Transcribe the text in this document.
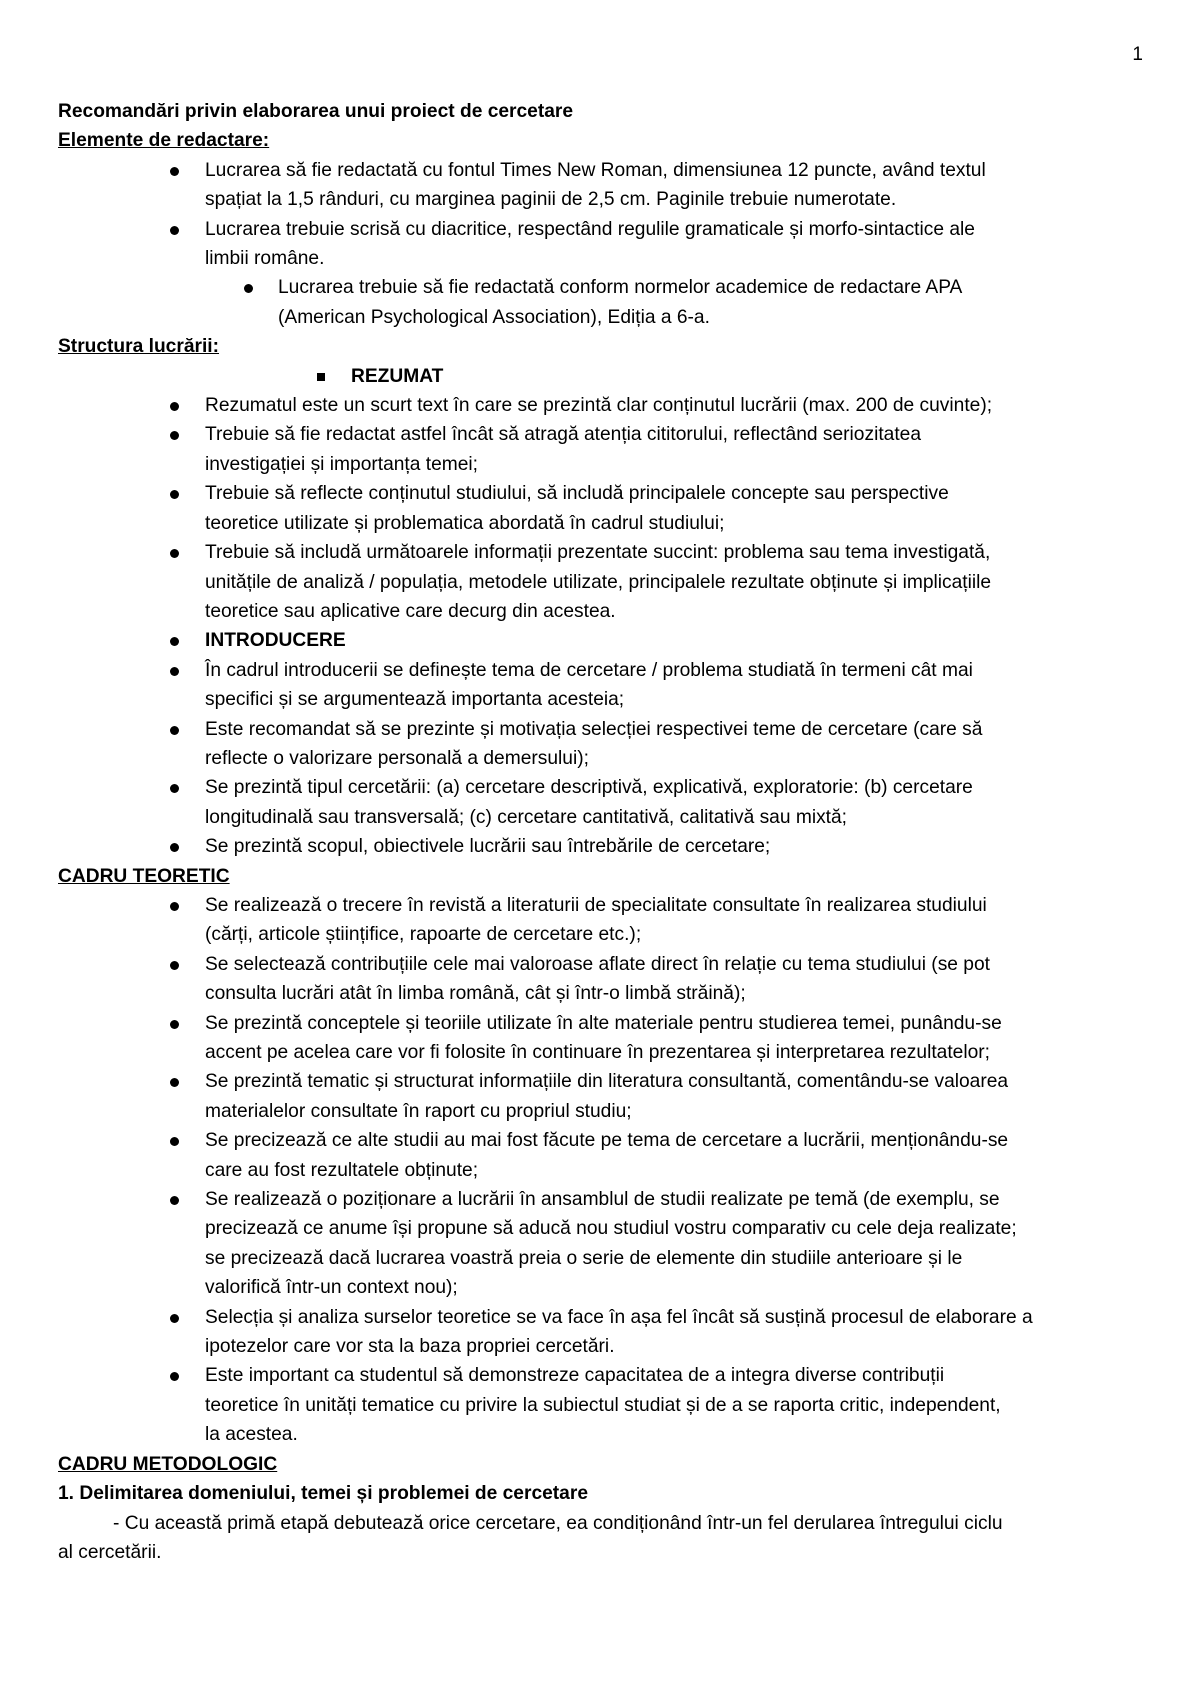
1

Recomandări privin elaborarea unui proiect de cercetare

Elemente de redactare:

Lucrarea să fie redactată cu fontul Times New Roman, dimensiunea 12 puncte, având textul

spațiat la 1,5 rânduri, cu marginea paginii de 2,5 cm. Paginile trebuie numerotate.

Lucrarea trebuie scrisă cu diacritice, respectând regulile gramaticale și morfo-sintactice ale

limbii române.

Lucrarea trebuie să fie redactată conform normelor academice de redactare APA

(American Psychological Association), Ediția a 6-a.

Structura lucrării:

REZUMAT

Rezumatul este un scurt text în care se prezintă clar conținutul lucrării (max. 200 de cuvinte);

Trebuie să fie redactat astfel încât să atragă atenția cititorului, reflectând seriozitatea

investigației și importanța temei;

Trebuie să reflecte conținutul studiului, să includă principalele concepte sau perspective

teoretice utilizate și problematica abordată în cadrul studiului;

Trebuie să includă următoarele informații prezentate succint: problema sau tema investigată,

unitățile de analiză / populația, metodele utilizate, principalele rezultate obținute și implicațiile

teoretice sau aplicative care decurg din acestea.

INTRODUCERE

În cadrul introducerii se definește tema de cercetare / problema studiată în termeni cât mai

specifici și se argumentează importanta acesteia;

Este recomandat să se prezinte și motivația selecției respectivei teme de cercetare (care să

reflecte o valorizare personală a demersului);

Se prezintă tipul cercetării: (a) cercetare descriptivă, explicativă, exploratorie: (b) cercetare

longitudinală sau transversală; (c) cercetare cantitativă, calitativă sau mixtă;

Se prezintă scopul, obiectivele lucrării sau întrebările de cercetare;

CADRU TEORETIC

Se realizează o trecere în revistă a literaturii de specialitate consultate în realizarea studiului

(cărți, articole științifice, rapoarte de cercetare etc.);

Se selectează contribuțiile cele mai valoroase aflate direct în relație cu tema studiului (se pot

consulta lucrări atât în limba română, cât și într-o limbă străină);

Se prezintă conceptele și teoriile utilizate în alte materiale pentru studierea temei, punându-se

accent pe acelea care vor fi folosite în continuare în prezentarea și interpretarea rezultatelor;

Se prezintă tematic și structurat informațiile din literatura consultantă, comentându-se valoarea

materialelor consultate în raport cu propriul studiu;

Se precizează ce alte studii au mai fost făcute pe tema de cercetare a lucrării, menționându-se

care au fost rezultatele obținute;

Se realizează o poziționare a lucrării în ansamblul de studii realizate pe temă (de exemplu, se

precizează ce anume își propune să aducă nou studiul vostru comparativ cu cele deja realizate;

se precizează dacă lucrarea voastră preia o serie de elemente din studiile anterioare și le

valorifică într-un context nou);

Selecția și analiza surselor teoretice se va face în așa fel încât să susțină procesul de elaborare a

ipotezelor care vor sta la baza propriei cercetări.

Este important ca studentul să demonstreze capacitatea de a integra diverse contribuții

teoretice în unități tematice cu privire la subiectul studiat și de a se raporta critic, independent,

la acestea.

CADRU METODOLOGIC

1. Delimitarea domeniului, temei și problemei de cercetare

- Cu această primă etapă debutează orice cercetare, ea condiționând într-un fel derularea întregului ciclu

al cercetării.
